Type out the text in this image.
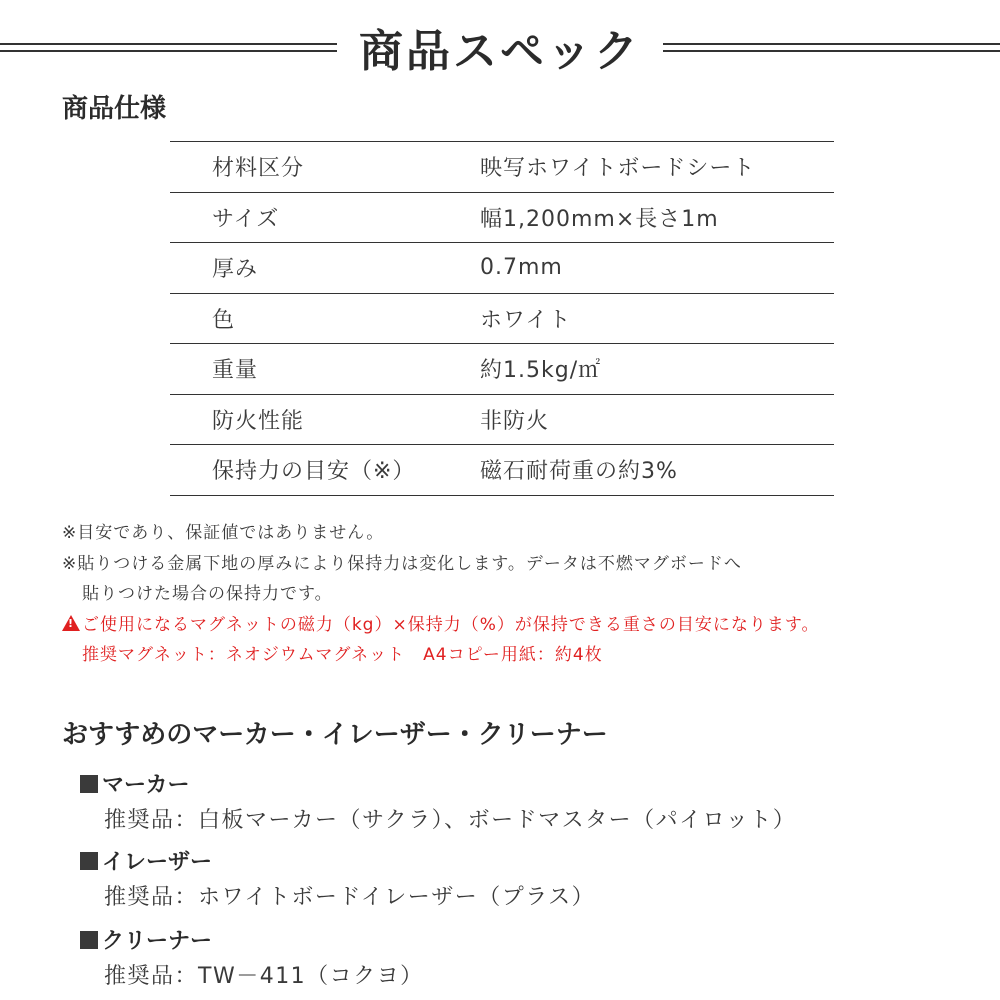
商品スペック
商品仕様
材料区分	映写ホワイトボードシート
サイズ	幅1,200mm×長さ1m
厚み	0.7mm
色	ホワイト
重量	約1.5kg/㎡
防火性能	非防火
保持力の目安（※）	磁石耐荷重の約3%
※目安であり、保証値ではありません。
※貼りつける金属下地の厚みにより保持力は変化します。データは不燃マグボードへ
貼りつけた場合の保持力です。
!ご使用になるマグネットの磁力（kg）×保持力（%）が保持できる重さの目安になります。
推奨マグネット：ネオジウムマグネット　A4コピー用紙：約4枚
おすすめのマーカー・イレーザー・クリーナー
マーカー
推奨品：白板マーカー（サクラ）、ボードマスター（パイロット）
イレーザー
推奨品：ホワイトボードイレーザー（プラス）
クリーナー
推奨品：TW－411（コクヨ）
